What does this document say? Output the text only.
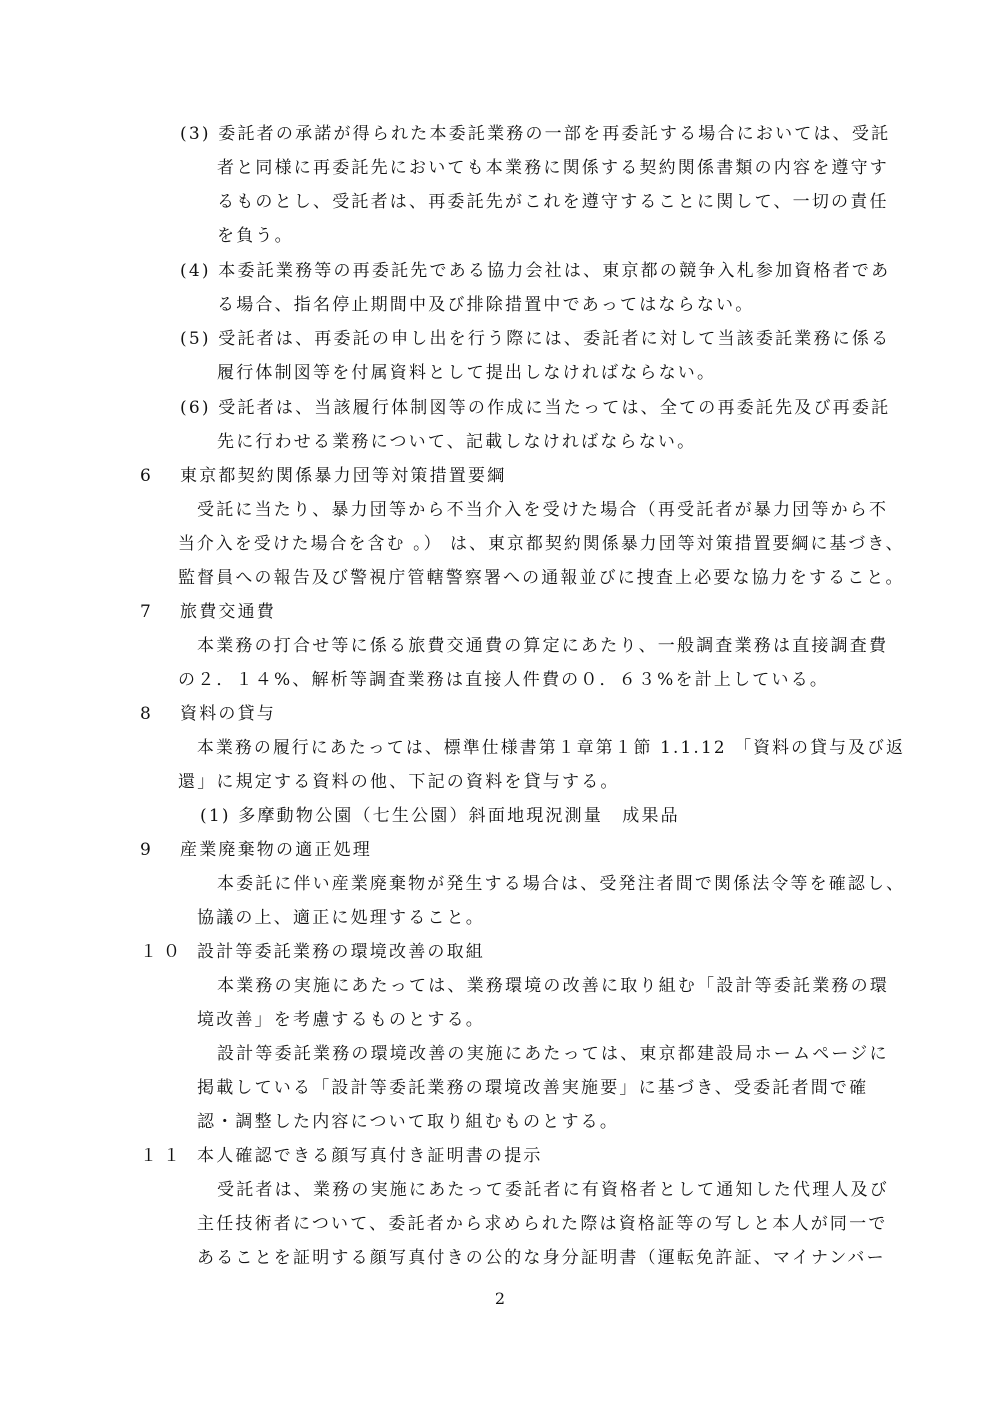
(3) 委託者の承諾が得られた本委託業務の一部を再委託する場合においては、受託
者と同様に再委託先においても本業務に関係する契約関係書類の内容を遵守す
るものとし、受託者は、再委託先がこれを遵守することに関して、一切の責任
を負う。
(4) 本委託業務等の再委託先である協力会社は、東京都の競争入札参加資格者であ
る場合、指名停止期間中及び排除措置中であってはならない。
(5) 受託者は、再委託の申し出を行う際には、委託者に対して当該委託業務に係る
履行体制図等を付属資料として提出しなければならない。
(6) 受託者は、当該履行体制図等の作成に当たっては、全ての再委託先及び再委託
先に行わせる業務について、記載しなければならない。
6 東京都契約関係暴力団等対策措置要綱
受託に当たり、暴力団等から不当介入を受けた場合（再受託者が暴力団等から不
当介入を受けた場合を含む 。） は、東京都契約関係暴力団等対策措置要綱に基づき、
監督員への報告及び警視庁管轄警察署への通報並びに捜査上必要な協力をすること。
7 旅費交通費
本業務の打合せ等に係る旅費交通費の算定にあたり、一般調査業務は直接調査費
の２．１４%、解析等調査業務は直接人件費の０．６３%を計上している。
8 資料の貸与
本業務の履行にあたっては、標準仕様書第１章第１節 1.1.12 「資料の貸与及び返
還」に規定する資料の他、下記の資料を貸与する。
(1) 多摩動物公園（七生公園）斜面地現況測量　成果品
9 産業廃棄物の適正処理
本委託に伴い産業廃棄物が発生する場合は、受発注者間で関係法令等を確認し、
協議の上、適正に処理すること。
１０ 設計等委託業務の環境改善の取組
本業務の実施にあたっては、業務環境の改善に取り組む「設計等委託業務の環
境改善」を考慮するものとする。
設計等委託業務の環境改善の実施にあたっては、東京都建設局ホームページに
掲載している「設計等委託業務の環境改善実施要」に基づき、受委託者間で確
認・調整した内容について取り組むものとする。
１１ 本人確認できる顔写真付き証明書の提示
受託者は、業務の実施にあたって委託者に有資格者として通知した代理人及び
主任技術者について、委託者から求められた際は資格証等の写しと本人が同一で
あることを証明する顔写真付きの公的な身分証明書（運転免許証、マイナンバー
2
